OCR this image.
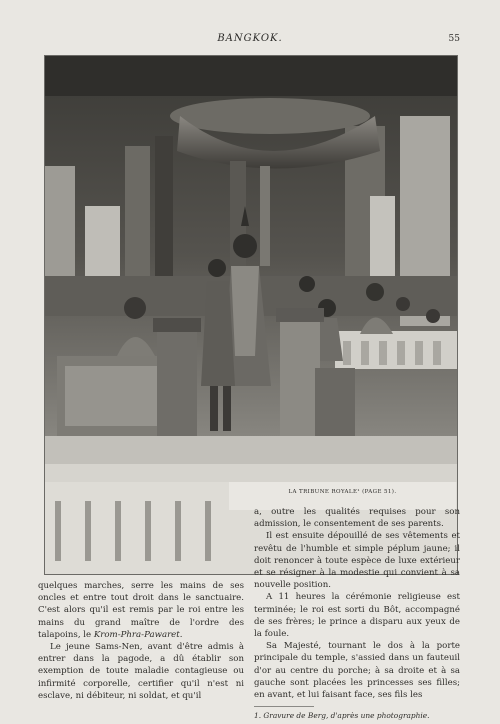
BANGKOK.	55
LA TRIBUNE ROYALE¹ (PAGE 51).

a, outre les qualités requises pour son admission, le consentement de ses parents.

Il est ensuite dépouillé de ses vêtements et revêtu de l'humble et simple péplum jaune; il doit renoncer à toute espèce de luxe extérieur et se résigner à la modestie qui convient à sa nouvelle position.

A 11 heures la cérémonie religieuse est terminée; le roi est sorti du Bôt, accompagné de ses frères; le prince a disparu aux yeux de la foule.

Sa Majesté, tournant le dos à la porte principale du temple, s'assied dans un fauteuil d'or au centre du porche; à sa droite et à sa gauche sont placées les princesses ses filles; en avant, et lui faisant face, ses fils les

1. Gravure de Berg, d'après une photographie.

quelques marches, serre les mains de ses oncles et entre tout droit dans le sanctuaire. C'est alors qu'il est remis par le roi entre les mains du grand maître de l'ordre des talapoins, le Krom-Phra-Pawaret.

Le jeune Sams-Nen, avant d'être admis à entrer dans la pagode, a dû établir son exemption de toute maladie contagieuse ou infirmité corporelle, certifier qu'il n'est ni esclave, ni débiteur, ni soldat, et qu'il
